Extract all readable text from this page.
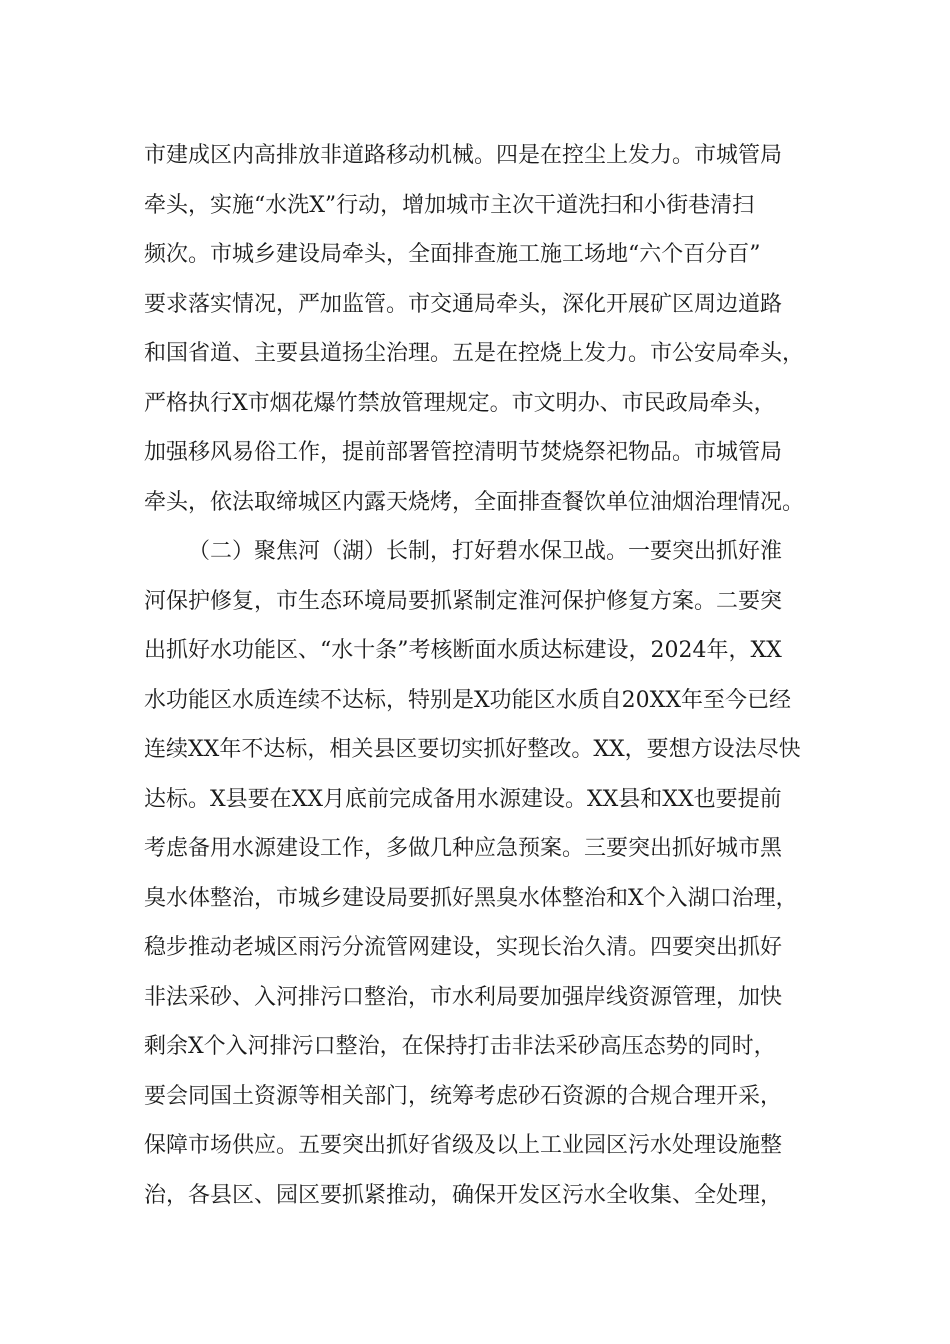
市建成区内高排放非道路移动机械。四是在控尘上发力。市城管局
牵头，实施“水洗X”行动，增加城市主次干道洗扫和小街巷清扫
频次。市城乡建设局牵头，全面排查施工施工场地“六个百分百”
要求落实情况，严加监管。市交通局牵头，深化开展矿区周边道路
和国省道、主要县道扬尘治理。五是在控烧上发力。市公安局牵头，
严格执行X市烟花爆竹禁放管理规定。市文明办、市民政局牵头，
加强移风易俗工作，提前部署管控清明节焚烧祭祀物品。市城管局
牵头，依法取缔城区内露天烧烤，全面排查餐饮单位油烟治理情况。
（二）聚焦河（湖）长制，打好碧水保卫战。一要突出抓好淮
河保护修复，市生态环境局要抓紧制定淮河保护修复方案。二要突
出抓好水功能区、“水十条”考核断面水质达标建设，2024年，XX
水功能区水质连续不达标，特别是X功能区水质自20XX年至今已经
连续XX年不达标，相关县区要切实抓好整改。XX，要想方设法尽快
达标。X县要在XX月底前完成备用水源建设。XX县和XX也要提前
考虑备用水源建设工作，多做几种应急预案。三要突出抓好城市黑
臭水体整治，市城乡建设局要抓好黑臭水体整治和X个入湖口治理，
稳步推动老城区雨污分流管网建设，实现长治久清。四要突出抓好
非法采砂、入河排污口整治，市水利局要加强岸线资源管理，加快
剩余X个入河排污口整治，在保持打击非法采砂高压态势的同时，
要会同国土资源等相关部门，统筹考虑砂石资源的合规合理开采，
保障市场供应。五要突出抓好省级及以上工业园区污水处理设施整
治，各县区、园区要抓紧推动，确保开发区污水全收集、全处理，
